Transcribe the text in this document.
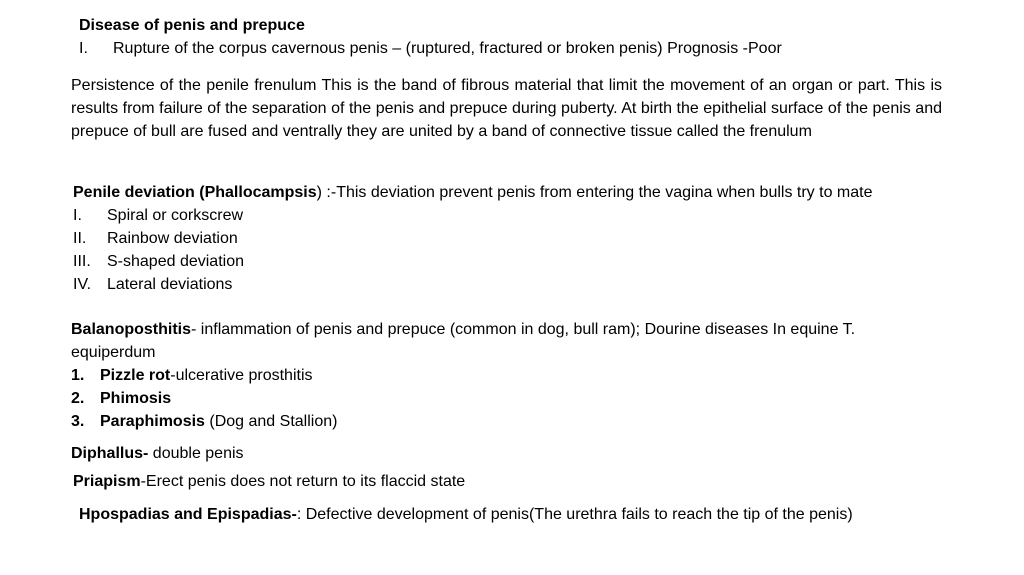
Disease of penis and prepuce
I.	Rupture of the corpus cavernous penis – (ruptured, fractured or broken penis) Prognosis -Poor
Persistence of the penile frenulum This is the band of fibrous material that limit the movement of an organ or part. This is results from failure of the separation of the penis and prepuce during puberty. At birth the epithelial surface of the penis and prepuce of bull are fused and ventrally they are united by a band of connective tissue called the frenulum
Penile deviation (Phallocampsis ) :-This deviation prevent penis from entering the vagina when bulls try to mate
I.	Spiral or corkscrew
II.	Rainbow deviation
III.	S-shaped deviation
IV. Lateral deviations
Balanoposthitis - inflammation of penis and prepuce (common in dog, bull ram); Dourine diseases In equine T.
equiperdum
1. Pizzle rot-ulcerative prosthitis
2. Phimosis
3. Paraphimosis (Dog and Stallion)
Diphallus- double penis
Priapism -Erect penis does not return to its flaccid state
Hpospadias and Epispadias- : Defective development of penis(The urethra fails to reach the tip of the penis)
